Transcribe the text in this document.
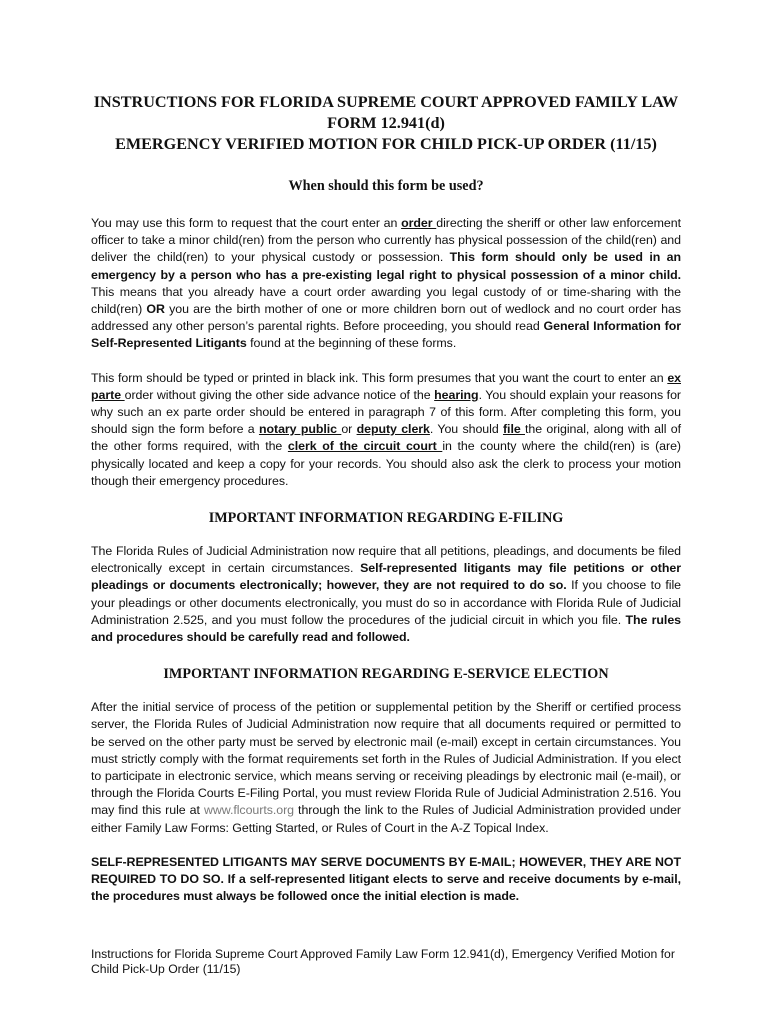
INSTRUCTIONS FOR FLORIDA SUPREME COURT APPROVED FAMILY LAW
FORM 12.941(d)
EMERGENCY VERIFIED MOTION FOR CHILD PICK-UP ORDER (11/15)
When should this form be used?

You may use this form to request that the court enter an order directing the sheriff or other law enforcement officer to take a minor child(ren) from the person who currently has physical possession of the child(ren) and deliver the child(ren) to your physical custody or possession. This form should only be used in an emergency by a person who has a pre-existing legal right to physical possession of a minor child. This means that you already have a court order awarding you legal custody of or time-sharing with the child(ren) OR you are the birth mother of one or more children born out of wedlock and no court order has addressed any other person’s parental rights. Before proceeding, you should read General Information for Self-Represented Litigants found at the beginning of these forms.

This form should be typed or printed in black ink. This form presumes that you want the court to enter an ex parte order without giving the other side advance notice of the hearing. You should explain your reasons for why such an ex parte order should be entered in paragraph 7 of this form. After completing this form, you should sign the form before a notary public or deputy clerk. You should file the original, along with all of the other forms required, with the clerk of the circuit court in the county where the child(ren) is (are) physically located and keep a copy for your records. You should also ask the clerk to process your motion though their emergency procedures.

IMPORTANT INFORMATION REGARDING E-FILING

The Florida Rules of Judicial Administration now require that all petitions, pleadings, and documents be filed electronically except in certain circumstances. Self-represented litigants may file petitions or other pleadings or documents electronically; however, they are not required to do so. If you choose to file your pleadings or other documents electronically, you must do so in accordance with Florida Rule of Judicial Administration 2.525, and you must follow the procedures of the judicial circuit in which you file. The rules and procedures should be carefully read and followed.

IMPORTANT INFORMATION REGARDING E-SERVICE ELECTION

After the initial service of process of the petition or supplemental petition by the Sheriff or certified process server, the Florida Rules of Judicial Administration now require that all documents required or permitted to be served on the other party must be served by electronic mail (e-mail) except in certain circumstances. You must strictly comply with the format requirements set forth in the Rules of Judicial Administration. If you elect to participate in electronic service, which means serving or receiving pleadings by electronic mail (e-mail), or through the Florida Courts E-Filing Portal, you must review Florida Rule of Judicial Administration 2.516. You may find this rule at www.flcourts.org through the link to the Rules of Judicial Administration provided under either Family Law Forms: Getting Started, or Rules of Court in the A-Z Topical Index.

SELF-REPRESENTED LITIGANTS MAY SERVE DOCUMENTS BY E-MAIL; HOWEVER, THEY ARE NOT REQUIRED TO DO SO. If a self-represented litigant elects to serve and receive documents by e-mail, the procedures must always be followed once the initial election is made.

Instructions for Florida Supreme Court Approved Family Law Form 12.941(d), Emergency Verified Motion for Child Pick-Up Order (11/15)
